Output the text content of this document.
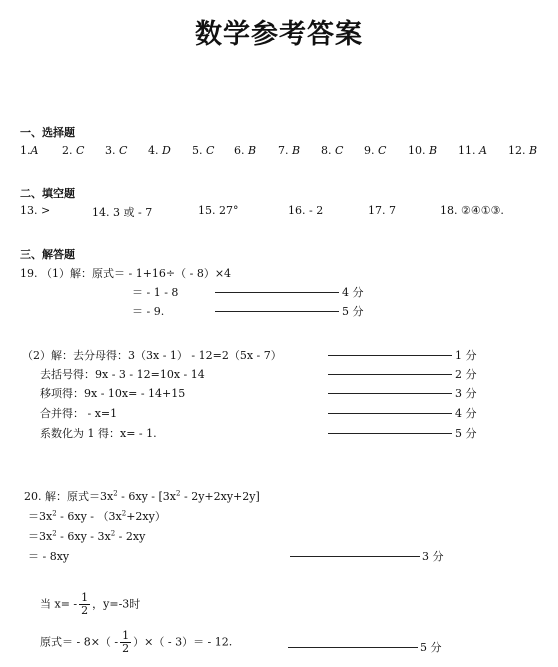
数学参考答案
一、选择题
1.A 2. C 3. C 4. D 5. C 6. B 7. B 8. C 9. C 10. B 11. A 12. B
二、填空题
13. >	14. 3 或 - 7	15. 27°	16. - 2	17. 7	18. ②④①③.
三、解答题
19. （1）解：原式＝ - 1+16÷（ - 8）×4
＝ - 1 - 8	4 分
＝ - 9.	5 分
（2）解：去分母得：3（3x - 1） - 12=2（5x - 7）	1 分
去括号得：9x - 3 - 12=10x - 14	2 分
移项得：9x - 10x= - 14+15	3 分
合并得： - x=1	4 分
系数化为 1 得：x= - 1.	5 分
20. 解：原式$=3x^2 - 6xy - [3x^2 - 2y+2xy+2y]$
$=3x^2 - 6xy - (3x^2+2xy)$
$=3x^2 - 6xy - 3x^2 - 2xy$
＝ - 8xy	3 分
当 $x= - \frac{1}{2}$ ，y=-3时
原式＝ - $8\times( - \frac{1}{2}$ ）×（ - 3）＝ - 12.	5 分
